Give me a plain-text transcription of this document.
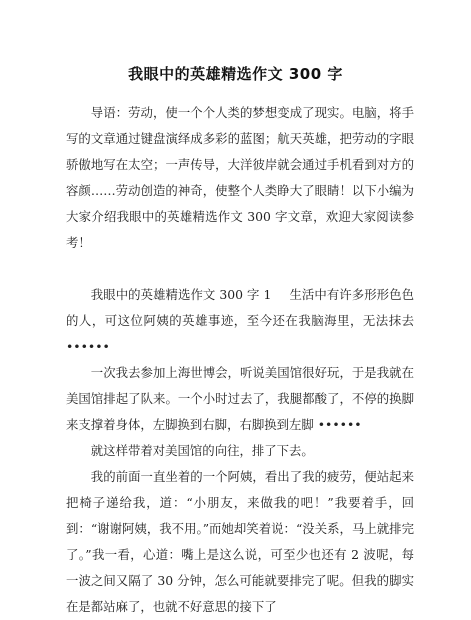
我眼中的英雄精选作文 300 字

导语：劳动，使一个个人类的梦想变成了现实。电脑，将手写的文章通过键盘演绎成多彩的蓝图；航天英雄，把劳动的字眼骄傲地写在太空；一声传导，大洋彼岸就会通过手机看到对方的容颜……劳动创造的神奇，使整个人类睁大了眼睛！以下小编为大家介绍我眼中的英雄精选作文 300 字文章，欢迎大家阅读参考！

我眼中的英雄精选作文 300 字 1 生活中有许多形形色色的人，可这位阿姨的英雄事迹，至今还在我脑海里，无法抹去 ••••••

一次我去参加上海世博会，听说美国馆很好玩，于是我就在美国馆排起了队来。一个小时过去了，我腿都酸了，不停的换脚来支撑着身体，左脚换到右脚，右脚换到左脚 ••••••

就这样带着对美国馆的向往，排了下去。

我的前面一直坐着的一个阿姨，看出了我的疲劳，便站起来把椅子递给我，道：“小朋友，来做我的吧！”我要着手，回到：“谢谢阿姨，我不用。”而她却笑着说：“没关系，马上就排完了。”我一看，心道：嘴上是这么说，可至少也还有 2 波呢，每一波之间又隔了 30 分钟，怎么可能就要排完了呢。但我的脚实在是都站麻了，也就不好意思的接下了
